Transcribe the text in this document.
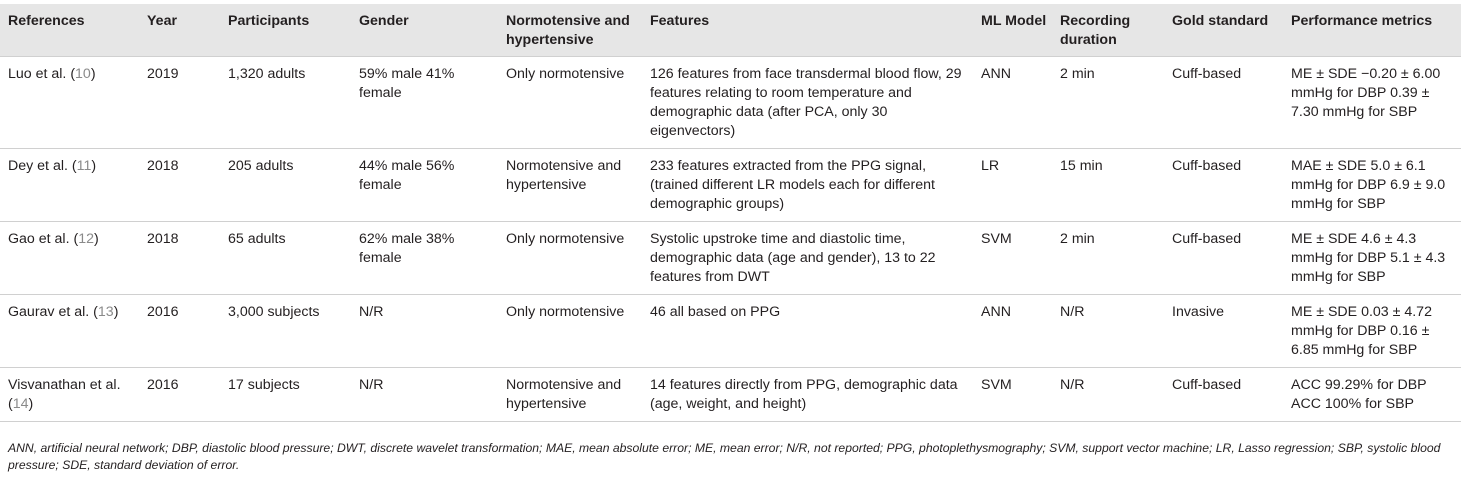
References	Year	Participants	Gender	Normotensive and hypertensive	Features	ML Model	Recording duration	Gold standard	Performance metrics
Luo et al. (10)	2019	1,320 adults	59% male 41% female	Only normotensive	126 features from face transdermal blood flow, 29 features relating to room temperature and demographic data (after PCA, only 30 eigenvectors)	ANN	2 min	Cuff-based	ME ± SDE −0.20 ± 6.00 mmHg for DBP 0.39 ± 7.30 mmHg for SBP
Dey et al. (11)	2018	205 adults	44% male 56% female	Normotensive and hypertensive	233 features extracted from the PPG signal, (trained different LR models each for different demographic groups)	LR	15 min	Cuff-based	MAE ± SDE 5.0 ± 6.1 mmHg for DBP 6.9 ± 9.0 mmHg for SBP
Gao et al. (12)	2018	65 adults	62% male 38% female	Only normotensive	Systolic upstroke time and diastolic time, demographic data (age and gender), 13 to 22 features from DWT	SVM	2 min	Cuff-based	ME ± SDE 4.6 ± 4.3 mmHg for DBP 5.1 ± 4.3 mmHg for SBP
Gaurav et al. (13)	2016	3,000 subjects	N/R	Only normotensive	46 all based on PPG	ANN	N/R	Invasive	ME ± SDE 0.03 ± 4.72 mmHg for DBP 0.16 ± 6.85 mmHg for SBP
Visvanathan et al. (14)	2016	17 subjects	N/R	Normotensive and hypertensive	14 features directly from PPG, demographic data (age, weight, and height)	SVM	N/R	Cuff-based	ACC 99.29% for DBP ACC 100% for SBP
ANN, artificial neural network; DBP, diastolic blood pressure; DWT, discrete wavelet transformation; MAE, mean absolute error; ME, mean error; N/R, not reported; PPG, photoplethysmography; SVM, support vector machine; LR, Lasso regression; SBP, systolic blood pressure; SDE, standard deviation of error.
